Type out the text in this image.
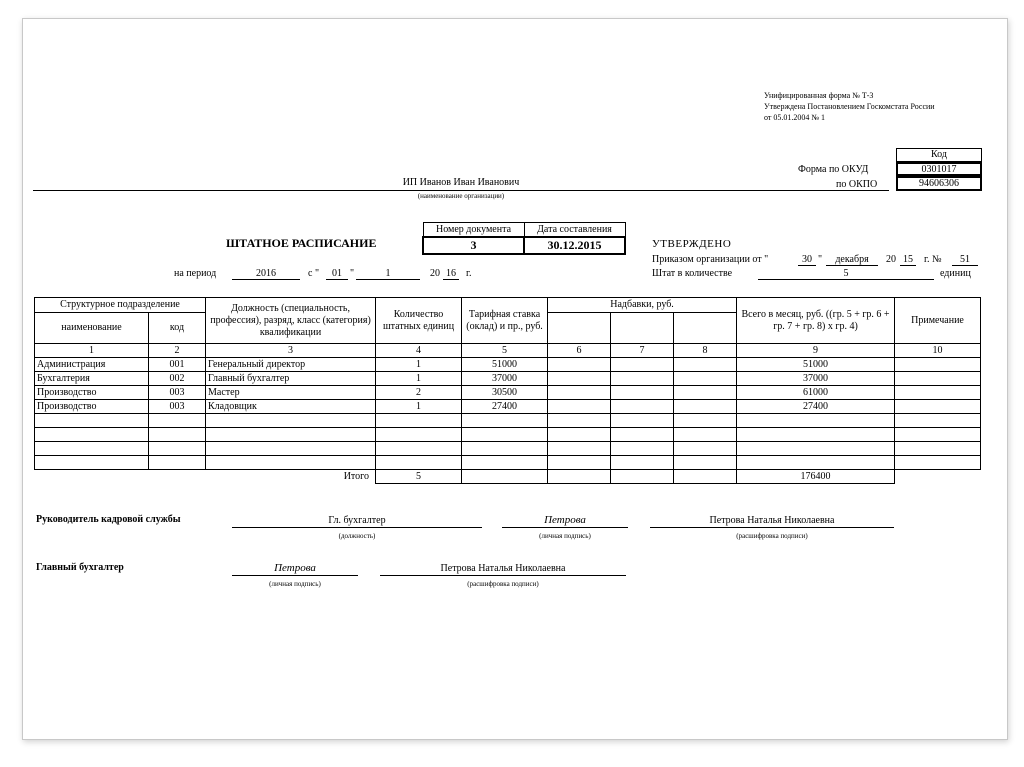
Унифицированная форма № Т-3
Утверждена Постановлением Госкомстата России
от 05.01.2004 № 1
Код
0301017
94606306
Форма по ОКУД
по ОКПО
ИП Иванов Иван Иванович
(наименование организации)
Номер документа	Дата составления
3	30.12.2015
ШТАТНОЕ РАСПИСАНИЕ
на период	2016	с "	01 "	1	20 16	г.
УТВЕРЖДЕНО
Приказом организации от "	30 "	декабря	20 15	г. №	51
Штат в количестве	5	единиц
Структурное подразделение		Должность (специальность, профессия), разряд, класс (категория) квалификации	Количество штатных единиц	Тарифная ставка (оклад) и пр., руб.	Надбавки, руб.			Всего в месяц, руб. ((гр. 5 + гр. 6 + гр. 7 + гр. 8) х гр. 4)	Примечание
наименование	код								
1	2	3	4	5	6	7	8	9	10
Администрация	001	Генеральный директор	1	51000				51000	
Бухгалтерия	002	Главный бухгалтер	1	37000				37000	
Производство	003	Мастер	2	30500				61000	
Производство	003	Кладовщик	1	27400				27400	

Итого			5					176400	
Руководитель кадровой службы	Гл. бухгалтер
(должность)
Петрова
(личная подпись)
Петрова Наталья Николаевна
(расшифровка подписи)
Главный бухгалтер	Петрова
(личная подпись)
Петрова Наталья Николаевна
(расшифровка подписи)
